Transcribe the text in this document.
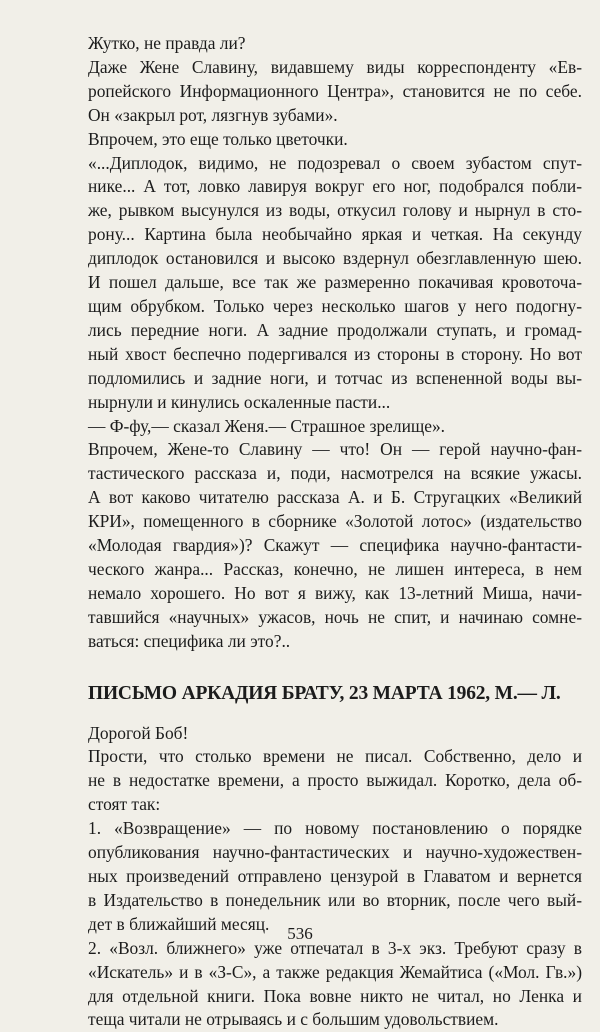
Жутко, не правда ли?

Даже Жене Славину, видавшему виды корреспонденту «Ев-
ропейского Информационного Центра», становится не по себе.
Он «закрыл рот, лязгнув зубами».

Впрочем, это еще только цветочки.

«...Диплодок, видимо, не подозревал о своем зубастом спут-
нике... А тот, ловко лавируя вокруг его ног, подобрался побли-
же, рывком высунулся из воды, откусил голову и нырнул в сто-
рону... Картина была необычайно яркая и четкая. На секунду
диплодок остановился и высоко вздернул обезглавленную шею.
И пошел дальше, все так же размеренно покачивая кровоточа-
щим обрубком. Только через несколько шагов у него подогну-
лись передние ноги. А задние продолжали ступать, и громад-
ный хвост беспечно подергивался из стороны в сторону. Но вот
подломились и задние ноги, и тотчас из вспененной воды вы-
нырнули и кинулись оскаленные пасти...

— Ф-фу,— сказал Женя.— Страшное зрелище».

Впрочем, Жене-то Славину — что! Он — герой научно-фан-
тастического рассказа и, поди, насмотрелся на всякие ужасы.
А вот каково читателю рассказа А. и Б. Стругацких «Великий
КРИ», помещенного в сборнике «Золотой лотос» (издательство
«Молодая гвардия»)? Скажут — специфика научно-фантасти-
ческого жанра... Рассказ, конечно, не лишен интереса, в нем
немало хорошего. Но вот я вижу, как 13-летний Миша, начи-
тавшийся «научных» ужасов, ночь не спит, и начинаю сомне-
ваться: специфика ли это?..

ПИСЬМО АРКАДИЯ БРАТУ, 23 МАРТА 1962, М.— Л.

Дорогой Боб!

Прости, что столько времени не писал. Собственно, дело и
не в недостатке времени, а просто выжидал. Коротко, дела об-
стоят так:

1. «Возвращение» — по новому постановлению о порядке
опубликования научно-фантастических и научно-художествен-
ных произведений отправлено цензурой в Главатом и вернется
в Издательство в понедельник или во вторник, после чего вый-
дет в ближайший месяц.

2. «Возл. ближнего» уже отпечатал в 3-х экз. Требуют сразу в
«Искатель» и в «З-С», а также редакция Жемайтиса («Мол. Гв.»)
для отдельной книги. Пока вовне никто не читал, но Ленка и
теща читали не отрываясь и с большим удовольствием.

536
